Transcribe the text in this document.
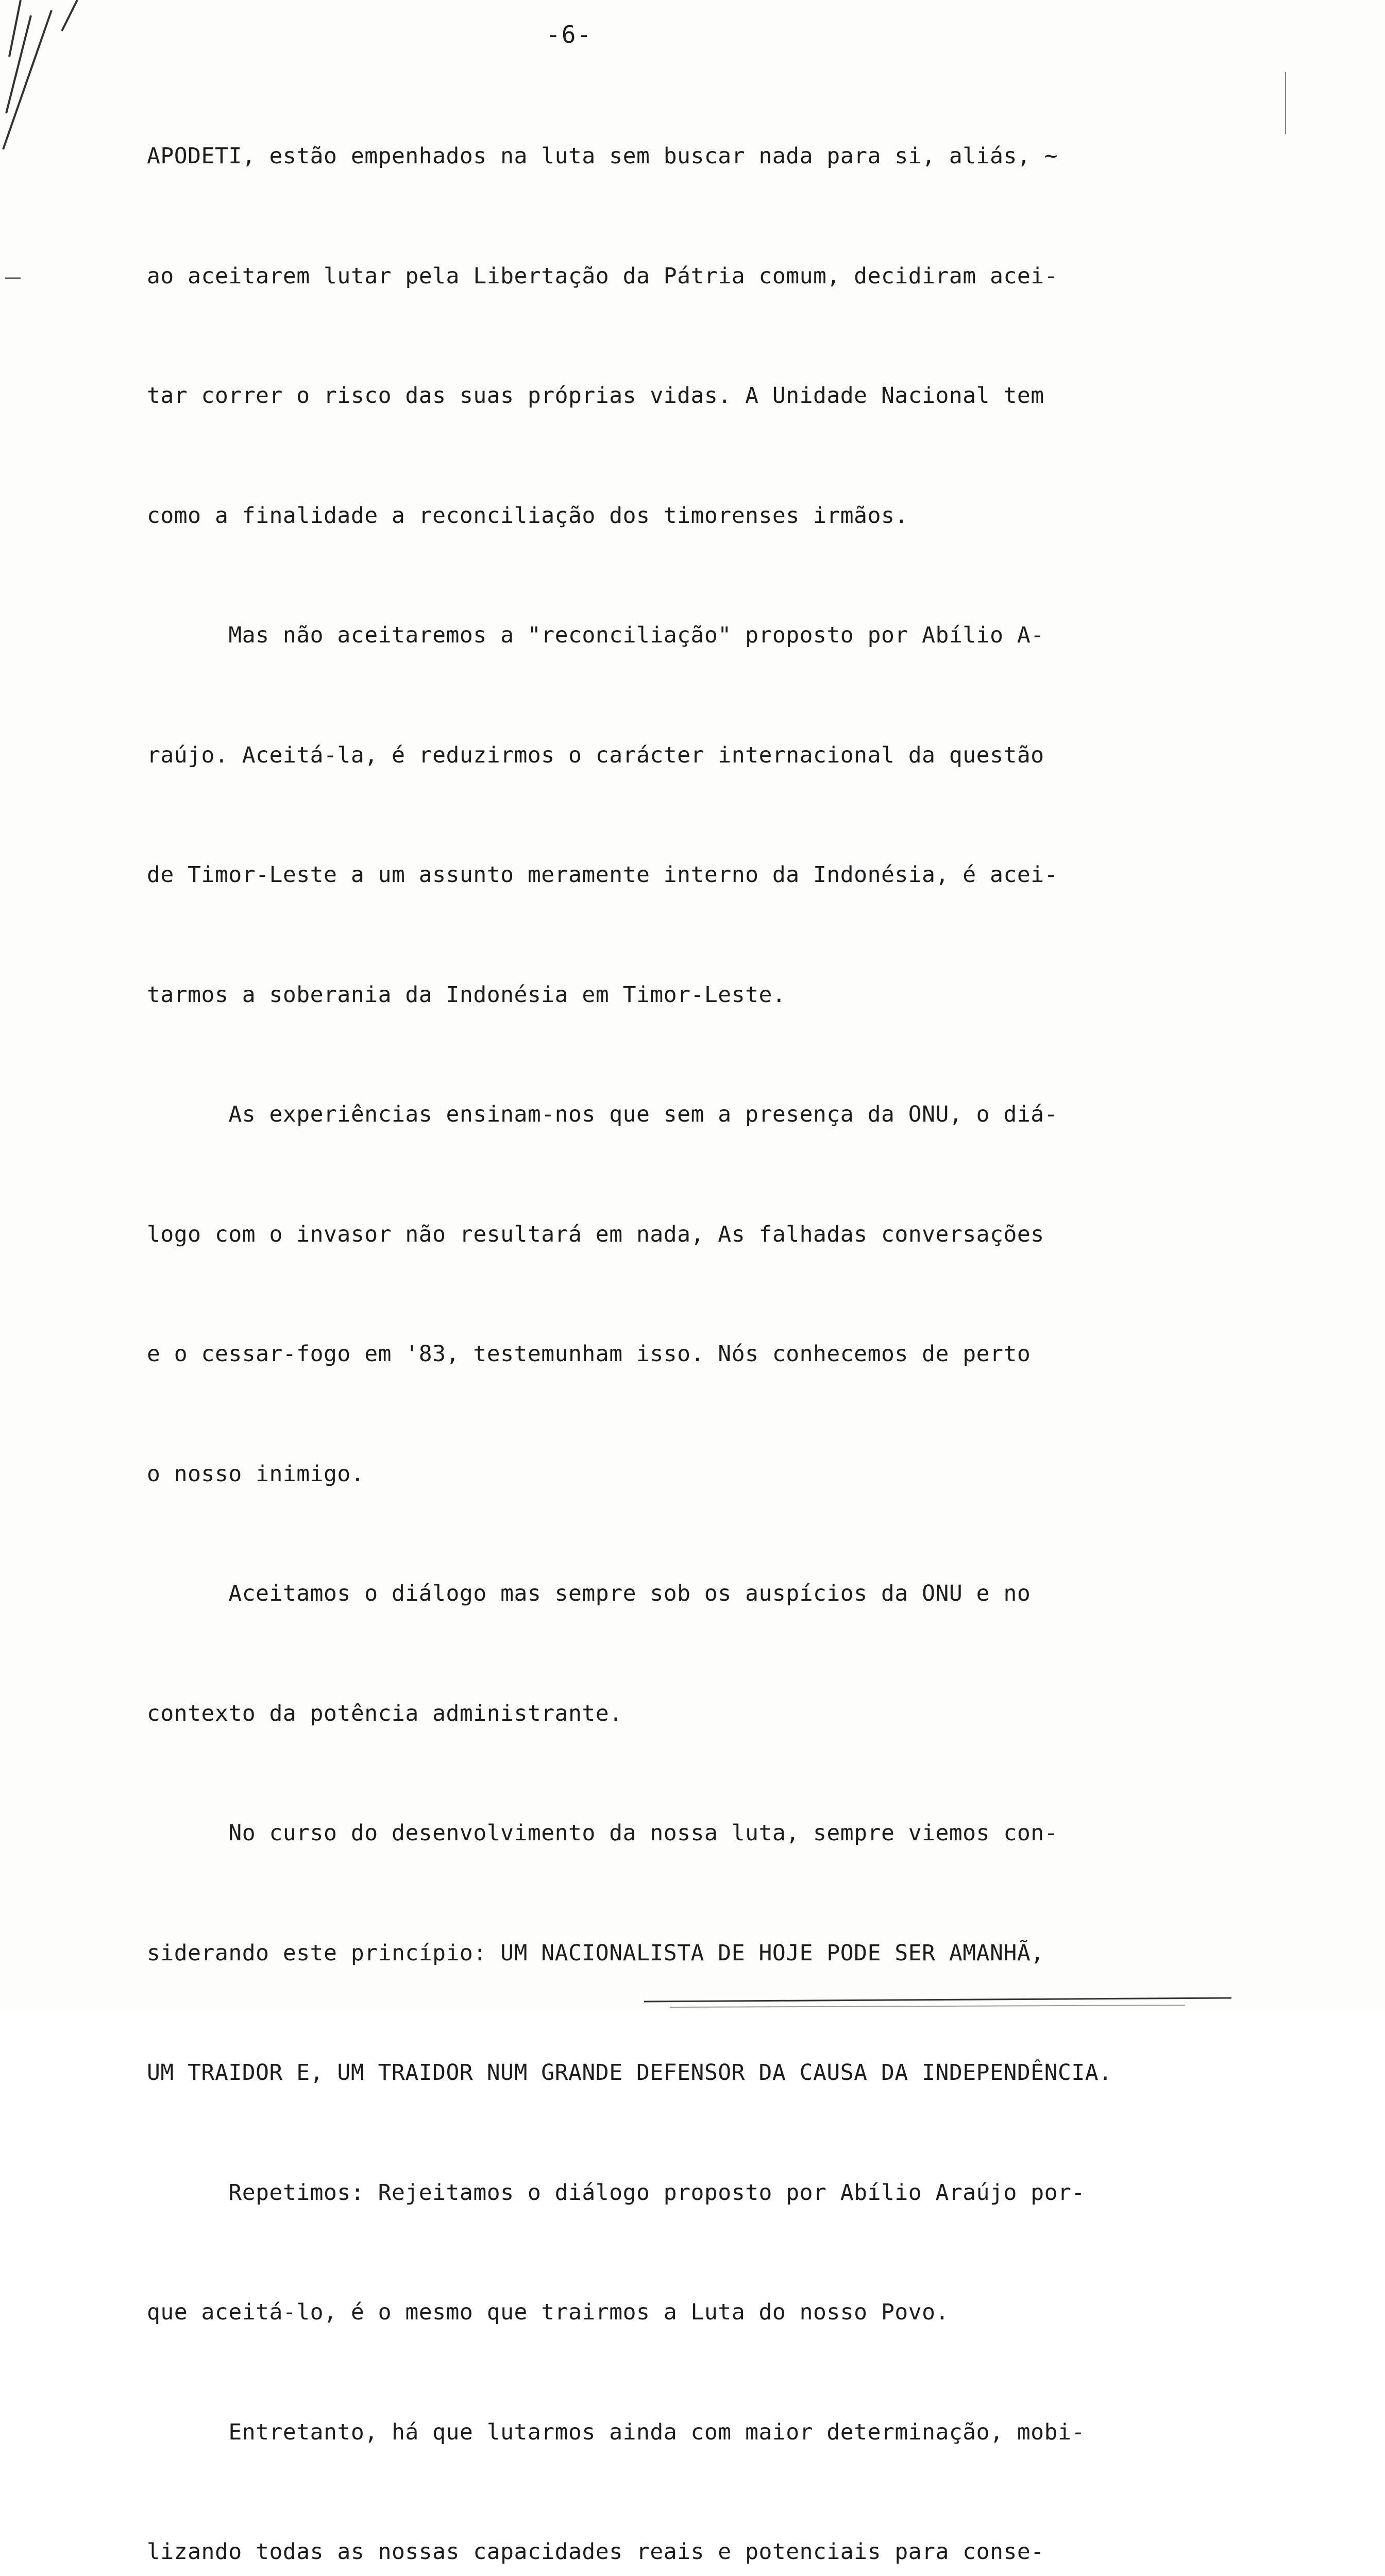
-6-

APODETI, estão empenhados na luta sem buscar nada para si, aliás, ~

ao aceitarem lutar pela Libertação da Pátria comum, decidiram acei-

tar correr o risco das suas próprias vidas. A Unidade Nacional tem

como a finalidade a reconciliação dos timorenses irmãos.

Mas não aceitaremos a "reconciliação" proposto por Abílio A-

raújo. Aceitá-la, é reduzirmos o carácter internacional da questão

de Timor-Leste a um assunto meramente interno da Indonésia, é acei-

tarmos a soberania da Indonésia em Timor-Leste.

As experiências ensinam-nos que sem a presença da ONU, o diá-

logo com o invasor não resultará em nada, As falhadas conversações

e o cessar-fogo em '83, testemunham isso. Nós conhecemos de perto

o nosso inimigo.

Aceitamos o diálogo mas sempre sob os auspícios da ONU e no

contexto da potência administrante.

No curso do desenvolvimento da nossa luta, sempre viemos con-

siderando este princípio: UM NACIONALISTA DE HOJE PODE SER AMANHÃ,

UM TRAIDOR E, UM TRAIDOR NUM GRANDE DEFENSOR DA CAUSA DA INDEPENDÊNCIA.

Repetimos: Rejeitamos o diálogo proposto por Abílio Araújo por-

que aceitá-lo, é o mesmo que trairmos a Luta do nosso Povo.

Entretanto, há que lutarmos ainda com maior determinação, mobi-

lizando todas as nossas capacidades reais e potenciais para conse-
